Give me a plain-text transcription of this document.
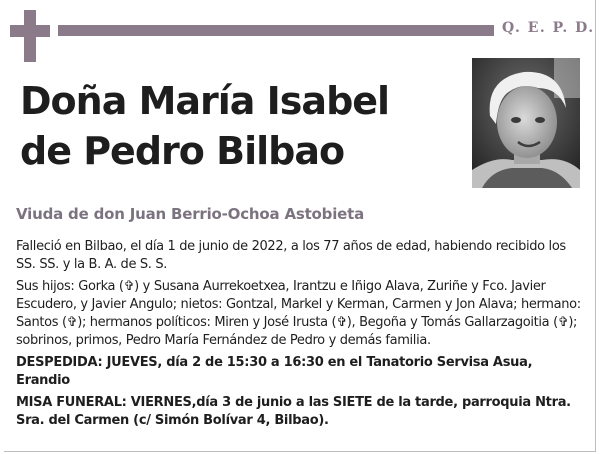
Q. E. P. D.
Doña María Isabel
de Pedro Bilbao

Viuda de don Juan Berrio-Ochoa Astobieta

Falleció en Bilbao, el día 1 de junio de 2022, a los 77 años de edad, habiendo recibido los SS. SS. y la B. A. de S. S.

Sus hijos: Gorka (✞) y Susana Aurrekoetxea, Irantzu e Iñigo Alava, Zuriñe y Fco. Javier Escudero, y Javier Angulo; nietos: Gontzal, Markel y Kerman, Carmen y Jon Alava; hermano: Santos (✞); hermanos políticos: Miren y José Irusta (✞), Begoña y Tomás Gallarzagoitia (✞); sobrinos, primos, Pedro María Fernández de Pedro y demás familia.

DESPEDIDA: JUEVES, día 2 de 15:30 a 16:30 en el Tanatorio Servisa Asua, Erandio

MISA FUNERAL: VIERNES,día 3 de junio a las SIETE de la tarde, parroquia Ntra. Sra. del Carmen (c/ Simón Bolívar 4, Bilbao).
